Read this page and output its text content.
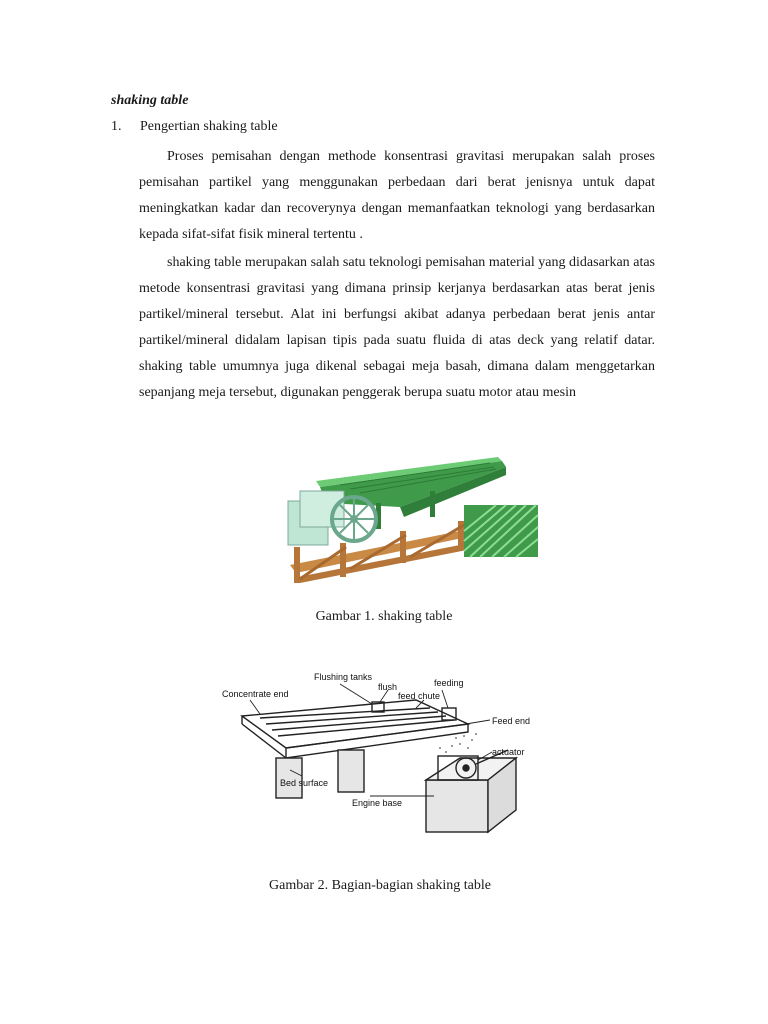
shaking table
1. Pengertian shaking table

Proses pemisahan dengan methode konsentrasi gravitasi merupakan salah proses pemisahan partikel yang menggunakan perbedaan dari berat jenisnya untuk dapat meningkatkan kadar dan recoverynya dengan memanfaatkan teknologi yang berdasarkan kepada sifat-sifat fisik mineral tertentu .

shaking table merupakan salah satu teknologi pemisahan material yang didasarkan atas metode konsentrasi gravitasi yang dimana prinsip kerjanya berdasarkan atas berat jenis partikel/mineral tersebut. Alat ini berfungsi akibat adanya perbedaan berat jenis antar partikel/mineral didalam lapisan tipis pada suatu fluida di atas deck yang relatif datar. shaking table umumnya juga dikenal sebagai meja basah, dimana dalam menggetarkan sepanjang meja tersebut, digunakan penggerak berupa suatu motor atau mesin

Gambar 1. shaking table
Flushing tanks
flush	feeding
feed chute
Concentrate end
Feed end
actuator
Bed surface
Engine base
Gambar 2. Bagian-bagian shaking table
